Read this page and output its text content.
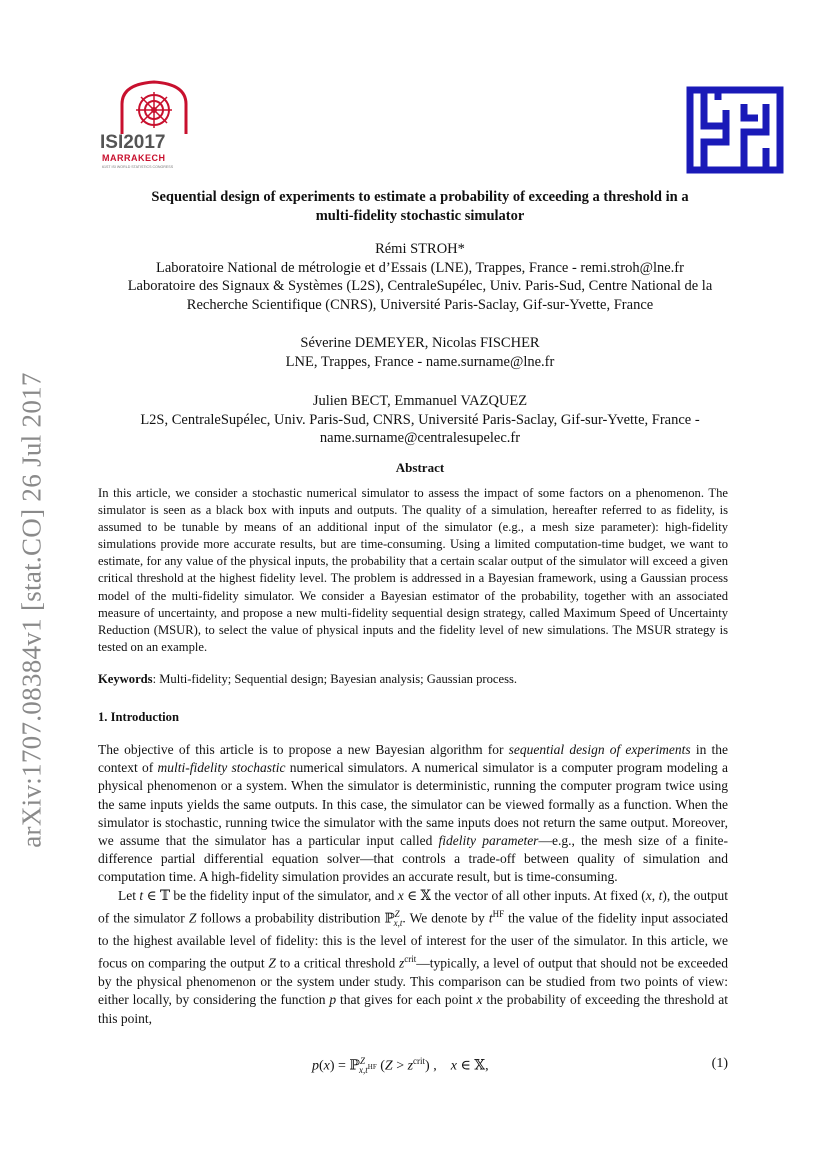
arXiv:1707.08384v1 [stat.CO] 26 Jul 2017
ISI2017
MARRAKECH
61ST ISI WORLD STATISTICS CONGRESS
Sequential design of experiments to estimate a probability of exceeding a threshold in a
multi-fidelity stochastic simulator
Rémi STROH*
Laboratoire National de métrologie et d’Essais (LNE), Trappes, France - remi.stroh@lne.fr
Laboratoire des Signaux & Systèmes (L2S), CentraleSupélec, Univ. Paris-Sud, Centre National de la
Recherche Scientifique (CNRS), Université Paris-Saclay, Gif-sur-Yvette, France
Séverine DEMEYER, Nicolas FISCHER
LNE, Trappes, France - name.surname@lne.fr
Julien BECT, Emmanuel VAZQUEZ
L2S, CentraleSupélec, Univ. Paris-Sud, CNRS, Université Paris-Saclay, Gif-sur-Yvette, France -
name.surname@centralesupelec.fr
Abstract
In this article, we consider a stochastic numerical simulator to assess the impact of some factors on a phenomenon. The simulator is seen as a black box with inputs and outputs. The quality of a simulation, hereafter referred to as fidelity, is assumed to be tunable by means of an additional input of the simulator (e.g., a mesh size parameter): high-fidelity simulations provide more accurate results, but are time-consuming. Using a limited computation-time budget, we want to estimate, for any value of the physical inputs, the probability that a certain scalar output of the simulator will exceed a given critical threshold at the highest fidelity level. The problem is addressed in a Bayesian framework, using a Gaussian process model of the multi-fidelity simulator. We consider a Bayesian estimator of the probability, together with an associated measure of uncertainty, and propose a new multi-fidelity sequential design strategy, called Maximum Speed of Uncertainty Reduction (MSUR), to select the value of physical inputs and the fidelity level of new simulations. The MSUR strategy is tested on an example.
Keywords: Multi-fidelity; Sequential design; Bayesian analysis; Gaussian process.
1. Introduction

The objective of this article is to propose a new Bayesian algorithm for sequential design of experiments in the context of multi-fidelity stochastic numerical simulators. A numerical simulator is a computer program modeling a physical phenomenon or a system. When the simulator is deterministic, running the computer program twice using the same inputs yields the same outputs. In this case, the simulator can be viewed formally as a function. When the simulator is stochastic, running twice the simulator with the same inputs does not return the same output. Moreover, we assume that the simulator has a particular input called fidelity parameter—e.g., the mesh size of a finite-difference partial differential equation solver—that controls a trade-off between quality of simulation and computation time. A high-fidelity simulation provides an accurate result, but is time-consuming.

Let t ∈ 𝕋 be the fidelity input of the simulator, and x ∈ 𝕏 the vector of all other inputs. At fixed (x, t), the output of the simulator Z follows a probability distribution ℙ$^Z_{x,t}$. We denote by $t^{HF}$ the value of the fidelity input associated to the highest available level of fidelity: this is the level of interest for the user of the simulator. In this article, we focus on comparing the output Z to a critical threshold $z^{crit}—typically$, a level of output that should not be exceeded by the physical phenomenon or the system under study. This comparison can be studied from two points of view: either locally, by considering the function p that gives for each point x the probability of exceeding the threshold at this point,

p(x) = ℙ$^Z_{x,t^{HF}}$ $(Z > z^{crit})$ ,    x ∈ 𝕏,	(1)
